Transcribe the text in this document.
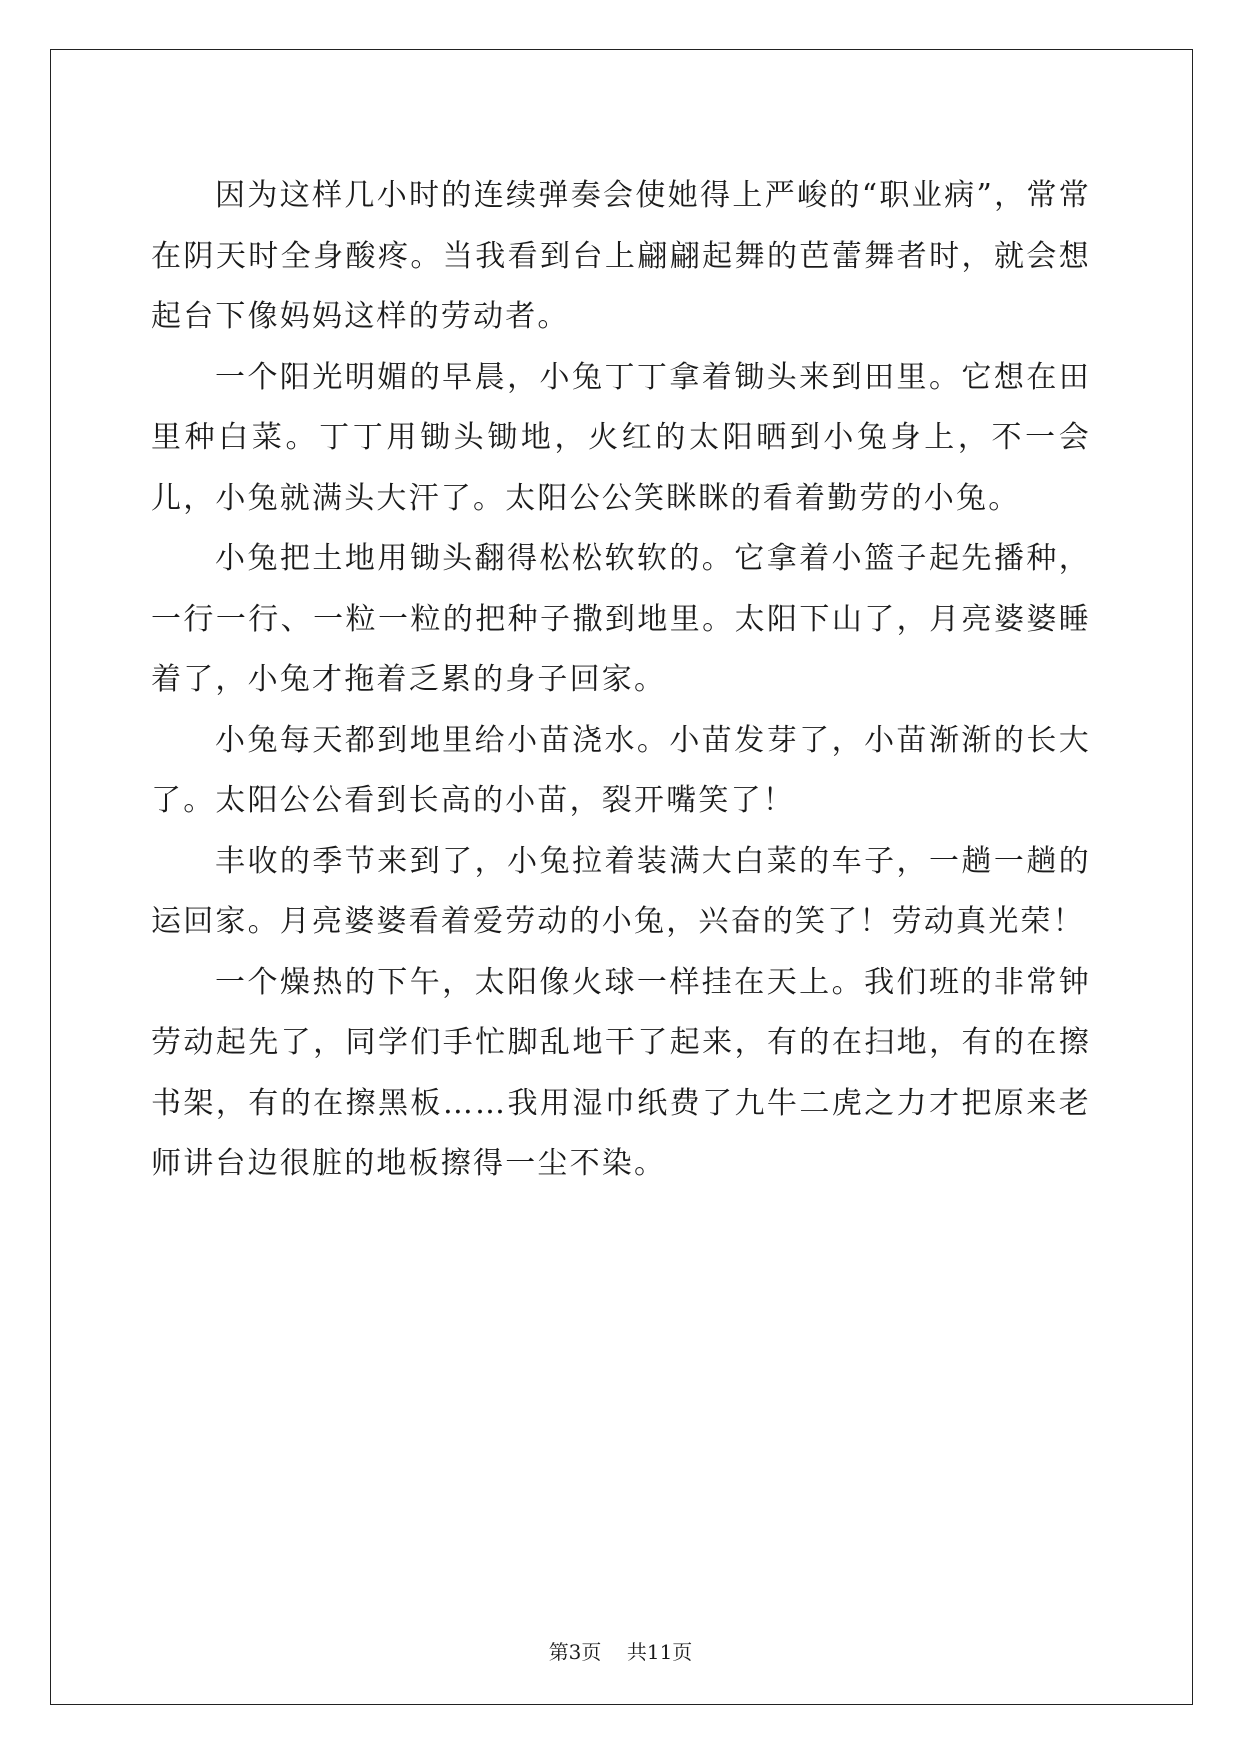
因为这样几小时的连续弹奏会使她得上严峻的“职业病”，常常在阴天时全身酸疼。当我看到台上翩翩起舞的芭蕾舞者时，就会想起台下像妈妈这样的劳动者。

一个阳光明媚的早晨，小兔丁丁拿着锄头来到田里。它想在田里种白菜。丁丁用锄头锄地，火红的太阳晒到小兔身上，不一会儿，小兔就满头大汗了。太阳公公笑眯眯的看着勤劳的小兔。

小兔把土地用锄头翻得松松软软的。它拿着小篮子起先播种，一行一行、一粒一粒的把种子撒到地里。太阳下山了，月亮婆婆睡着了，小兔才拖着乏累的身子回家。

小兔每天都到地里给小苗浇水。小苗发芽了，小苗渐渐的长大了。太阳公公看到长高的小苗，裂开嘴笑了！

丰收的季节来到了，小兔拉着装满大白菜的车子，一趟一趟的运回家。月亮婆婆看着爱劳动的小兔，兴奋的笑了！劳动真光荣！

一个燥热的下午，太阳像火球一样挂在天上。我们班的非常钟劳动起先了，同学们手忙脚乱地干了起来，有的在扫地，有的在擦书架，有的在擦黑板……我用湿巾纸费了九牛二虎之力才把原来老师讲台边很脏的地板擦得一尘不染。

第3页 共11页
